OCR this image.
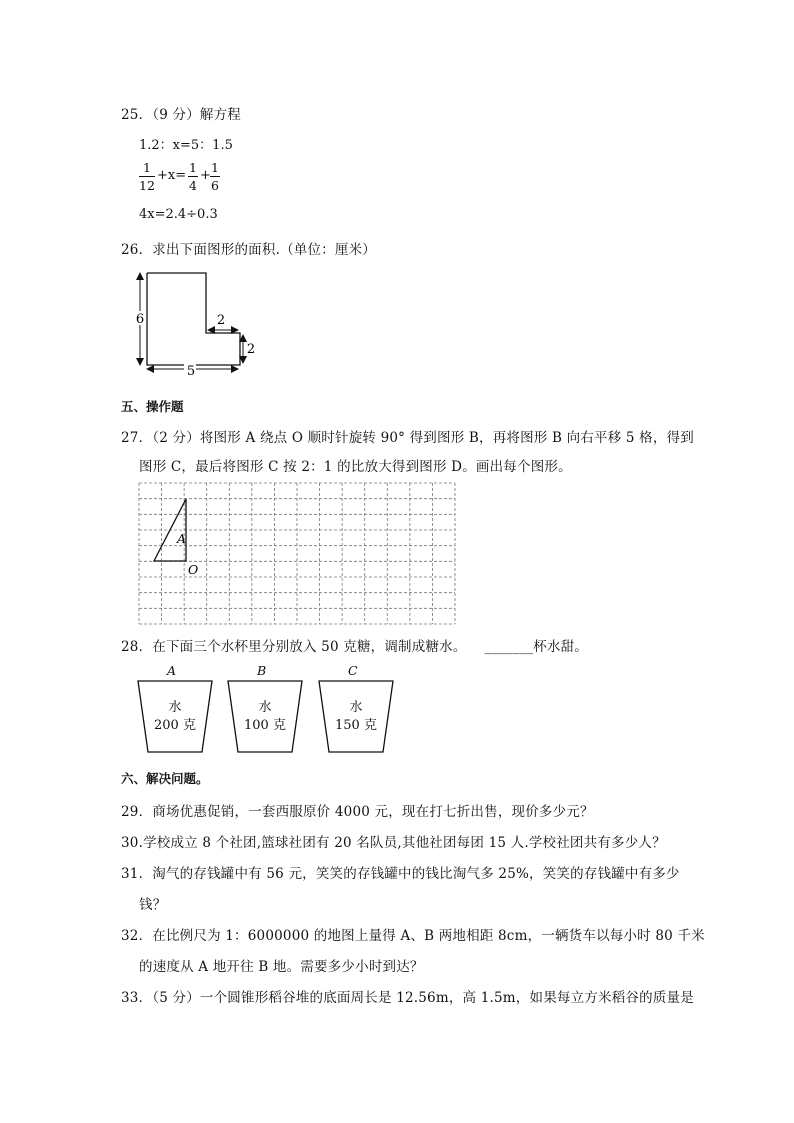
25．（9 分）解方程
1.2：x=5：1.5
1
12
+x=
1
4
+
1
6
4x=2.4÷0.3
26．求出下面图形的面积.（单位：厘米）
6	2
2
5
五、操作题
27．（2 分）将图形 A 绕点 O 顺时针旋转 90° 得到图形 B，再将图形 B 向右平移 5 格，得到
图形 C，最后将图形 C 按 2：1 的比放大得到图形 D。画出每个图形。
A
O
28．在下面三个水杯里分别放入 50 克糖，调制成糖水。 _______杯水甜。
A
水
200 克
B
水
100 克
C
水
150 克
六、解决问题。
29．商场优惠促销，一套西服原价 4000 元，现在打七折出售，现价多少元？
30.学校成立 8 个社团,篮球社团有 20 名队员,其他社团每团 15 人.学校社团共有多少人？
31．淘气的存钱罐中有 56 元，笑笑的存钱罐中的钱比淘气多 25%，笑笑的存钱罐中有多少
钱？
32．在比例尺为 1：6000000 的地图上量得 A、B 两地相距 8cm，一辆货车以每小时 80 千米
的速度从 A 地开往 B 地。需要多少小时到达？
33．（5 分）一个圆锥形稻谷堆的底面周长是 12.56m，高 1.5m，如果每立方米稻谷的质量是
